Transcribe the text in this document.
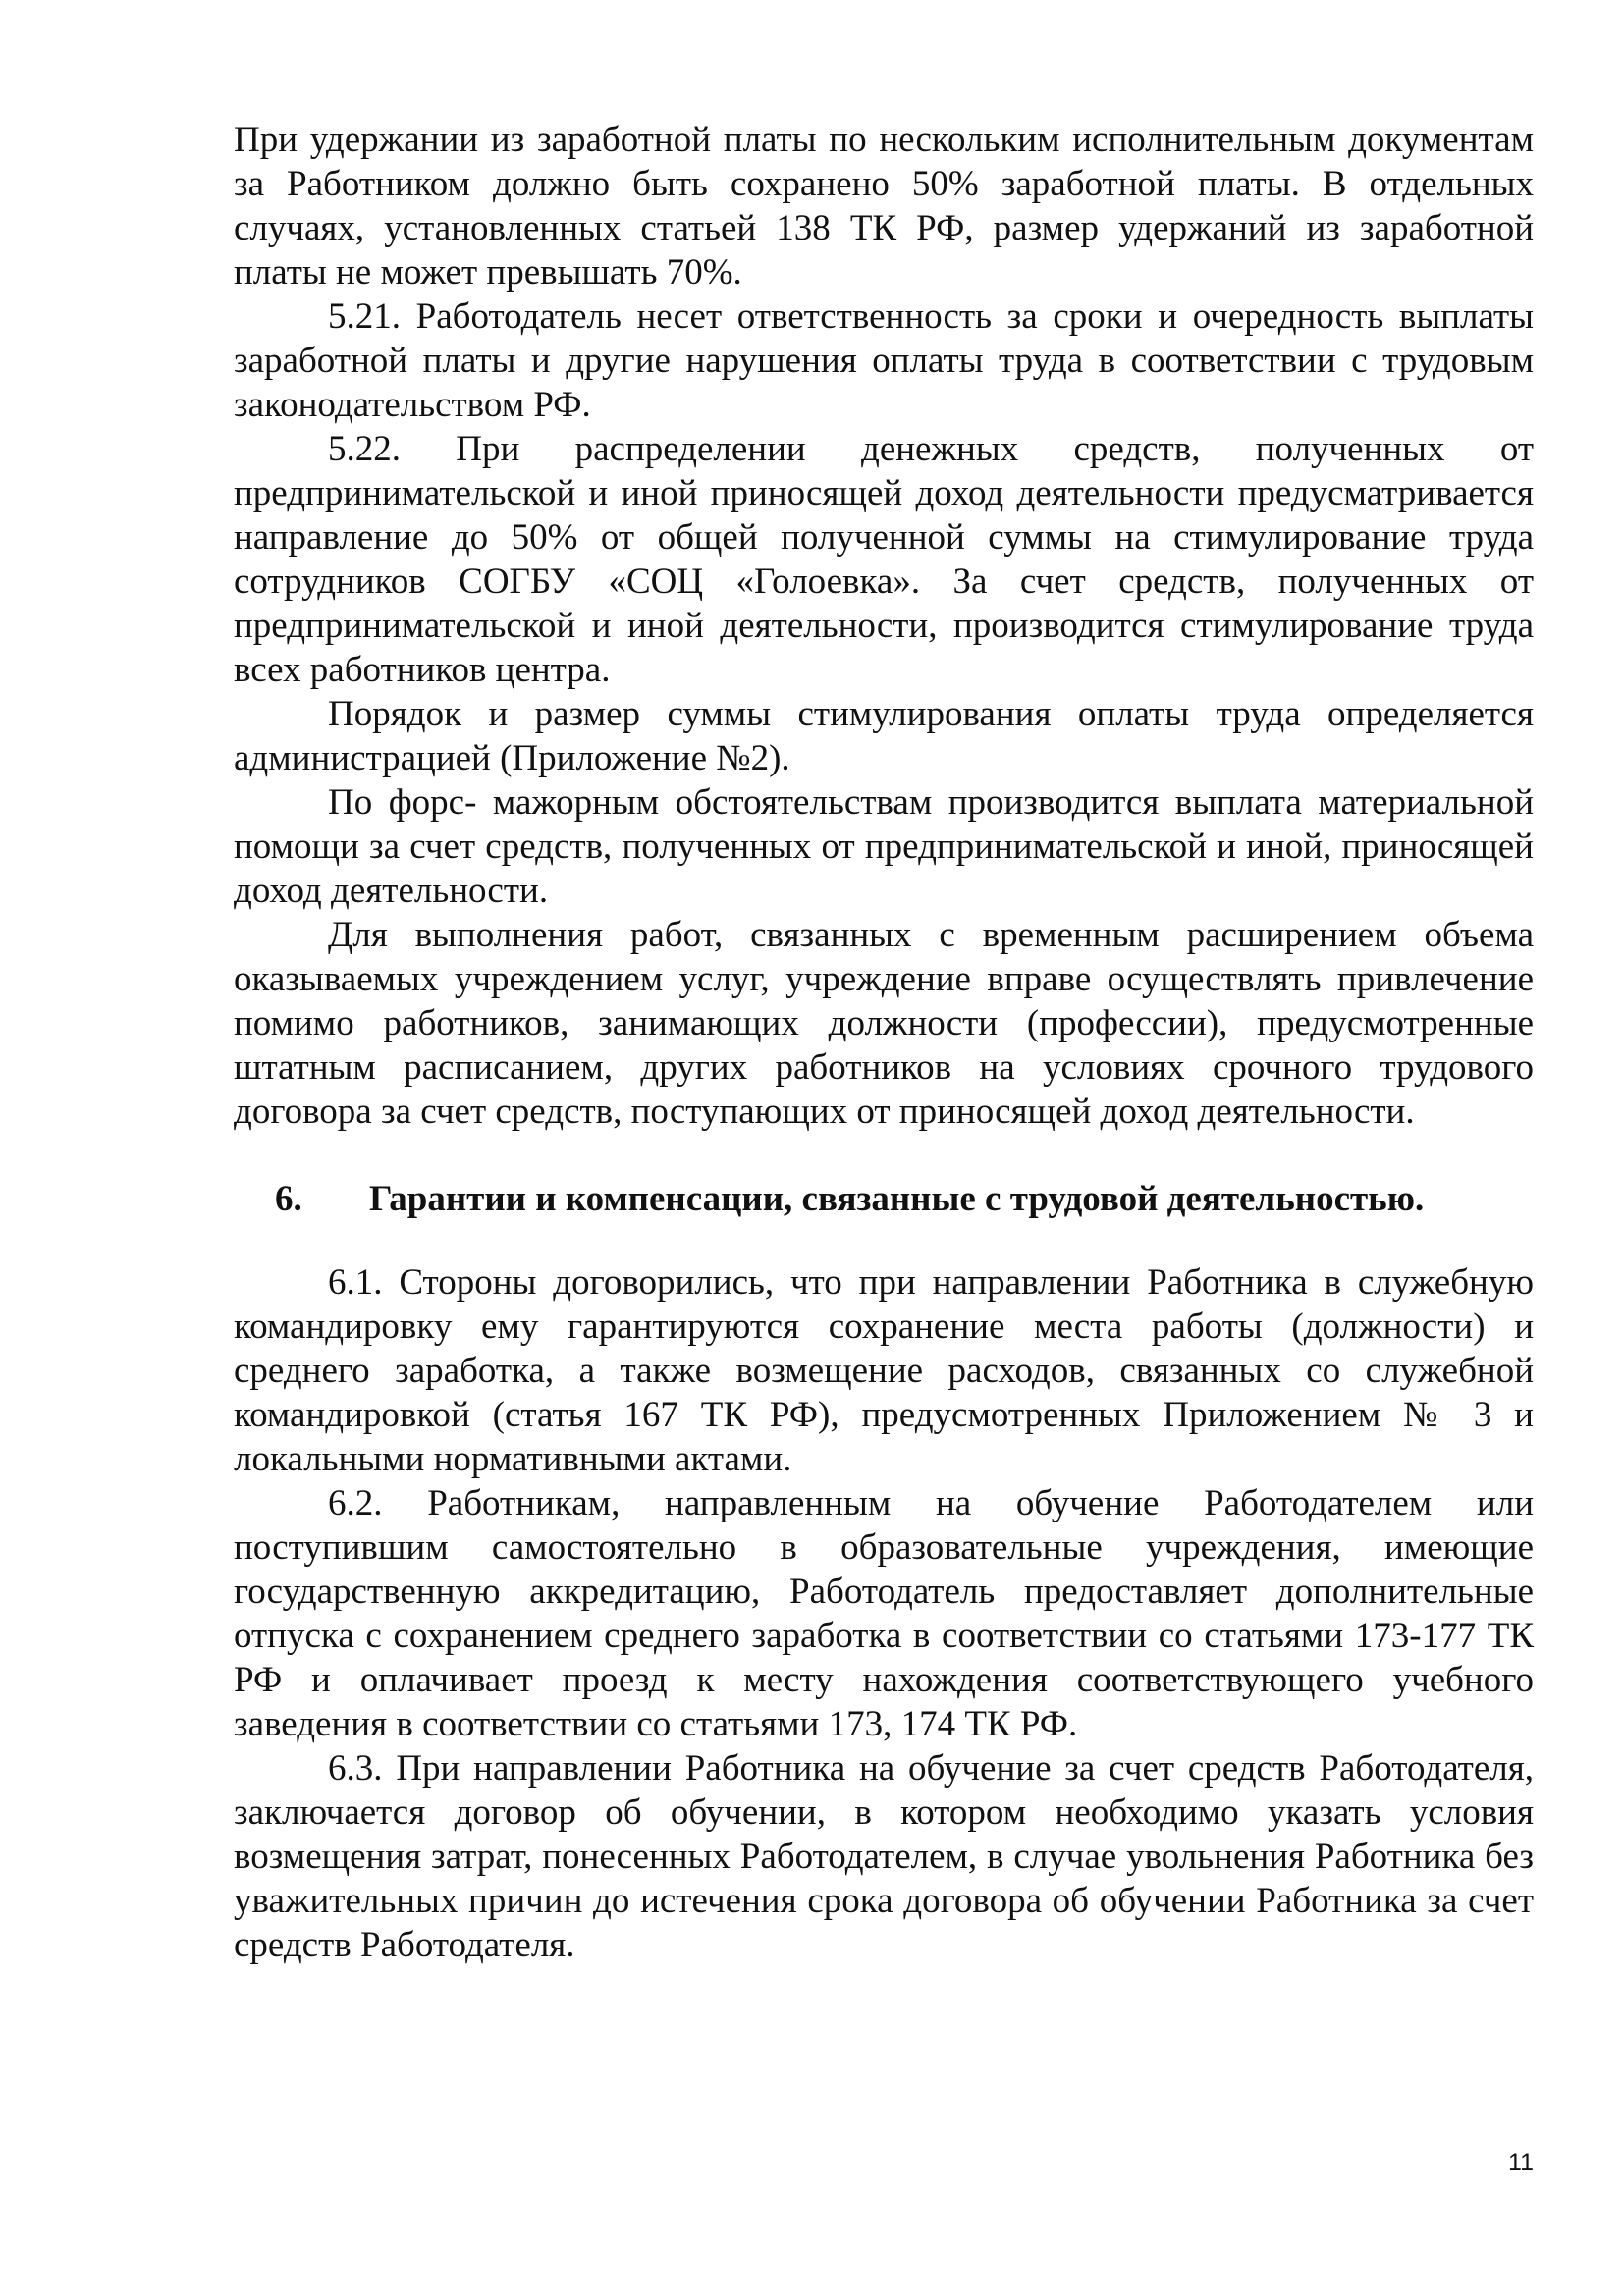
При удержании из заработной платы по нескольким исполнительным документам за Работником должно быть сохранено 50% заработной платы. В отдельных случаях, установленных статьей 138 ТК РФ, размер удержаний из заработной платы не может превышать 70%.

5.21. Работодатель несет ответственность за сроки и очередность выплаты заработной платы и другие нарушения оплаты труда в соответствии с трудовым законодательством РФ.

5.22. При распределении денежных средств, полученных от предпринимательской и иной приносящей доход деятельности предусматривается направление до 50% от общей полученной суммы на стимулирование труда сотрудников СОГБУ «СОЦ «Голоевка». За счет средств, полученных от предпринимательской и иной деятельности, производится стимулирование труда всех работников центра.

Порядок и размер суммы стимулирования оплаты труда определяется администрацией (Приложение №2).

По форс- мажорным обстоятельствам производится выплата материальной помощи за счет средств, полученных от предпринимательской и иной, приносящей доход деятельности.

Для выполнения работ, связанных с временным расширением объема оказываемых учреждением услуг, учреждение вправе осуществлять привлечение помимо работников, занимающих должности (профессии), предусмотренные штатным расписанием, других работников на условиях срочного трудового договора за счет средств, поступающих от приносящей доход деятельности.

6.	Гарантии и компенсации, связанные с трудовой деятельностью.

6.1. Стороны договорились, что при направлении Работника в служебную командировку ему гарантируются сохранение места работы (должности) и среднего заработка, а также возмещение расходов, связанных со служебной командировкой (статья 167 ТК РФ), предусмотренных Приложением № 3 и локальными нормативными актами.

6.2. Работникам, направленным на обучение Работодателем или поступившим самостоятельно в образовательные учреждения, имеющие государственную аккредитацию, Работодатель предоставляет дополнительные отпуска с сохранением среднего заработка в соответствии со статьями 173-177 ТК РФ и оплачивает проезд к месту нахождения соответствующего учебного заведения в соответствии со статьями 173, 174 ТК РФ.

6.3. При направлении Работника на обучение за счет средств Работодателя, заключается договор об обучении, в котором необходимо указать условия возмещения затрат, понесенных Работодателем, в случае увольнения Работника без уважительных причин до истечения срока договора об обучении Работника за счет средств Работодателя.

11
